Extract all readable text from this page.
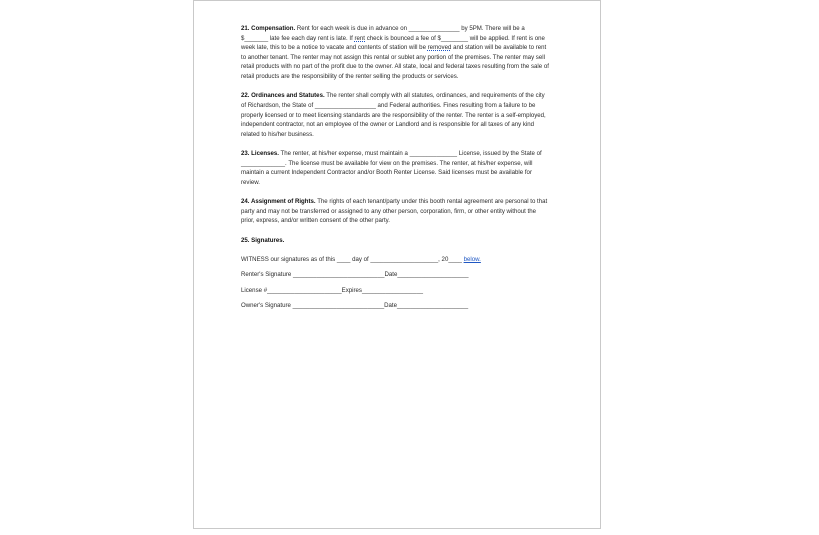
21. Compensation. Rent for each week is due in advance on _______________ by 5PM. There will be a $_______ late fee each day rent is late. If rent check is bounced a fee of $________ will be applied. If rent is one week late, this to be a notice to vacate and contents of station will be removed and station will be available to rent to another tenant. The renter may not assign this rental or sublet any portion of the premises. The renter may sell retail products with no part of the profit due to the owner. All state, local and federal taxes resulting from the sale of retail products are the responsibility of the renter selling the products or services.

22. Ordinances and Statutes. The renter shall comply with all statutes, ordinances, and requirements of the city of Richardson, the State of __________________ and Federal authorities. Fines resulting from a failure to be properly licensed or to meet licensing standards are the responsibility of the renter. The renter is a self-employed, independent contractor, not an employee of the owner or Landlord and is responsible for all taxes of any kind related to his/her business.

23. Licenses. The renter, at his/her expense, must maintain a ______________ License, issued by the State of _____________. The license must be available for view on the premises. The renter, at his/her expense, will maintain a current Independent Contractor and/or Booth Renter License. Said licenses must be available for review.

24. Assignment of Rights. The rights of each tenant/party under this booth rental agreement are personal to that party and may not be transferred or assigned to any other person, corporation, firm, or other entity without the prior, express, and/or written consent of the other party.

25. Signatures.

WITNESS our signatures as of this ____ day of ____________________, 20____ below.

Renter's Signature ___________________________Date_____________________

License #______________________Expires__________________

Owner's Signature ___________________________Date_____________________
